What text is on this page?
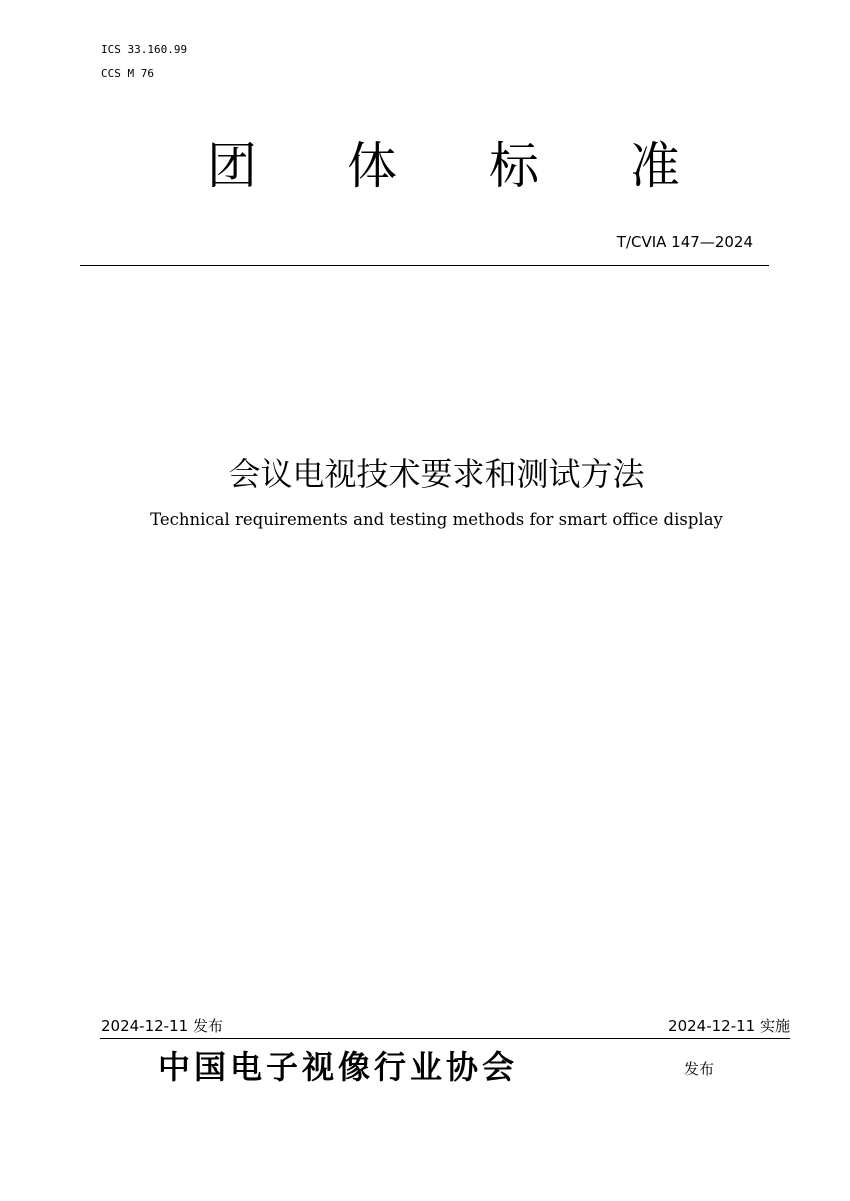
ICS 33.160.99
CCS M 76
团 体 标 准
T/CVIA 147—2024
会议电视技术要求和测试方法
Technical requirements and testing methods for smart office display
2024-12-11 发布	2024-12-11 实施
中国电子视像行业协会	发布
